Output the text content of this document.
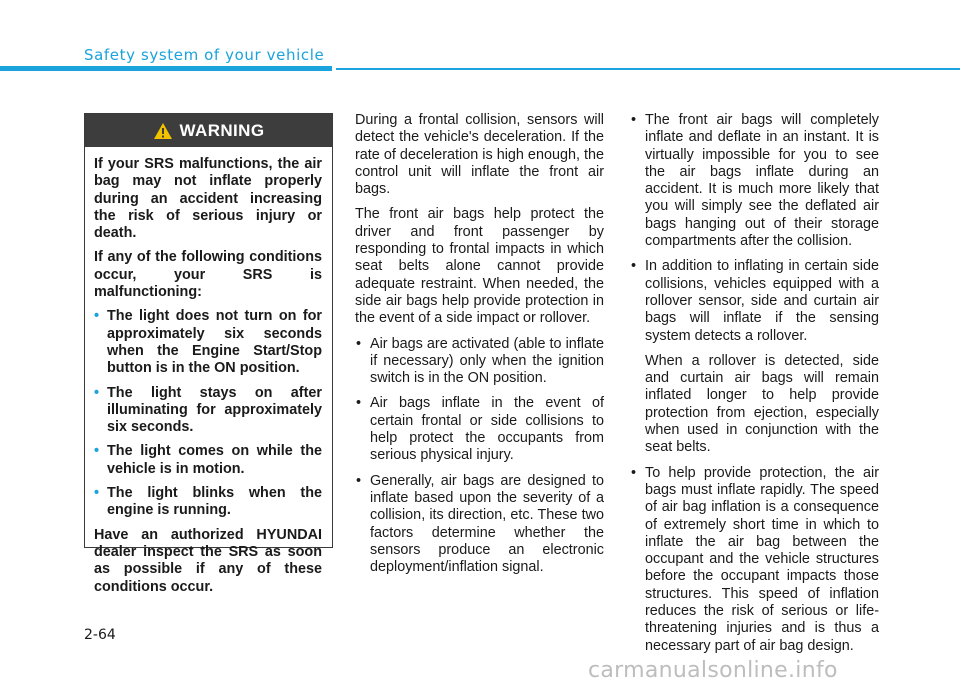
Safety system of your vehicle
WARNING

If your SRS malfunctions, the air bag may not inflate properly during an accident increasing the risk of serious injury or death.

If any of the following conditions occur, your SRS is malfunctioning:

• The light does not turn on for approximately six seconds when the Engine Start/Stop button is in the ON position.
• The light stays on after illuminating for approximately six seconds.
• The light comes on while the vehicle is in motion.
• The light blinks when the engine is running.

Have an authorized HYUNDAI dealer inspect the SRS as soon as possible if any of these conditions occur.

During a frontal collision, sensors will detect the vehicle's deceleration. If the rate of deceleration is high enough, the control unit will inflate the front air bags.

The front air bags help protect the driver and front passenger by responding to frontal impacts in which seat belts alone cannot provide adequate restraint. When needed, the side air bags help provide protection in the event of a side impact or rollover.

• Air bags are activated (able to inflate if necessary) only when the ignition switch is in the ON position.
• Air bags inflate in the event of certain frontal or side collisions to help protect the occupants from serious physical injury.
• Generally, air bags are designed to inflate based upon the severity of a collision, its direction, etc. These two factors determine whether the sensors produce an electronic deployment/inflation signal.
• The front air bags will completely inflate and deflate in an instant. It is virtually impossible for you to see the air bags inflate during an accident. It is much more likely that you will simply see the deflated air bags hanging out of their storage compartments after the collision.

• In addition to inflating in certain side collisions, vehicles equipped with a rollover sensor, side and curtain air bags will inflate if the sensing system detects a rollover.

When a rollover is detected, side and curtain air bags will remain inflated longer to help provide protection from ejection, especially when used in conjunction with the seat belts.

• To help provide protection, the air bags must inflate rapidly. The speed of air bag inflation is a consequence of extremely short time in which to inflate the air bag between the occupant and the vehicle structures before the occupant impacts those structures. This speed of inflation reduces the risk of serious or life-threatening injuries and is thus a necessary part of air bag design.

2-64
carmanualsonline.info
